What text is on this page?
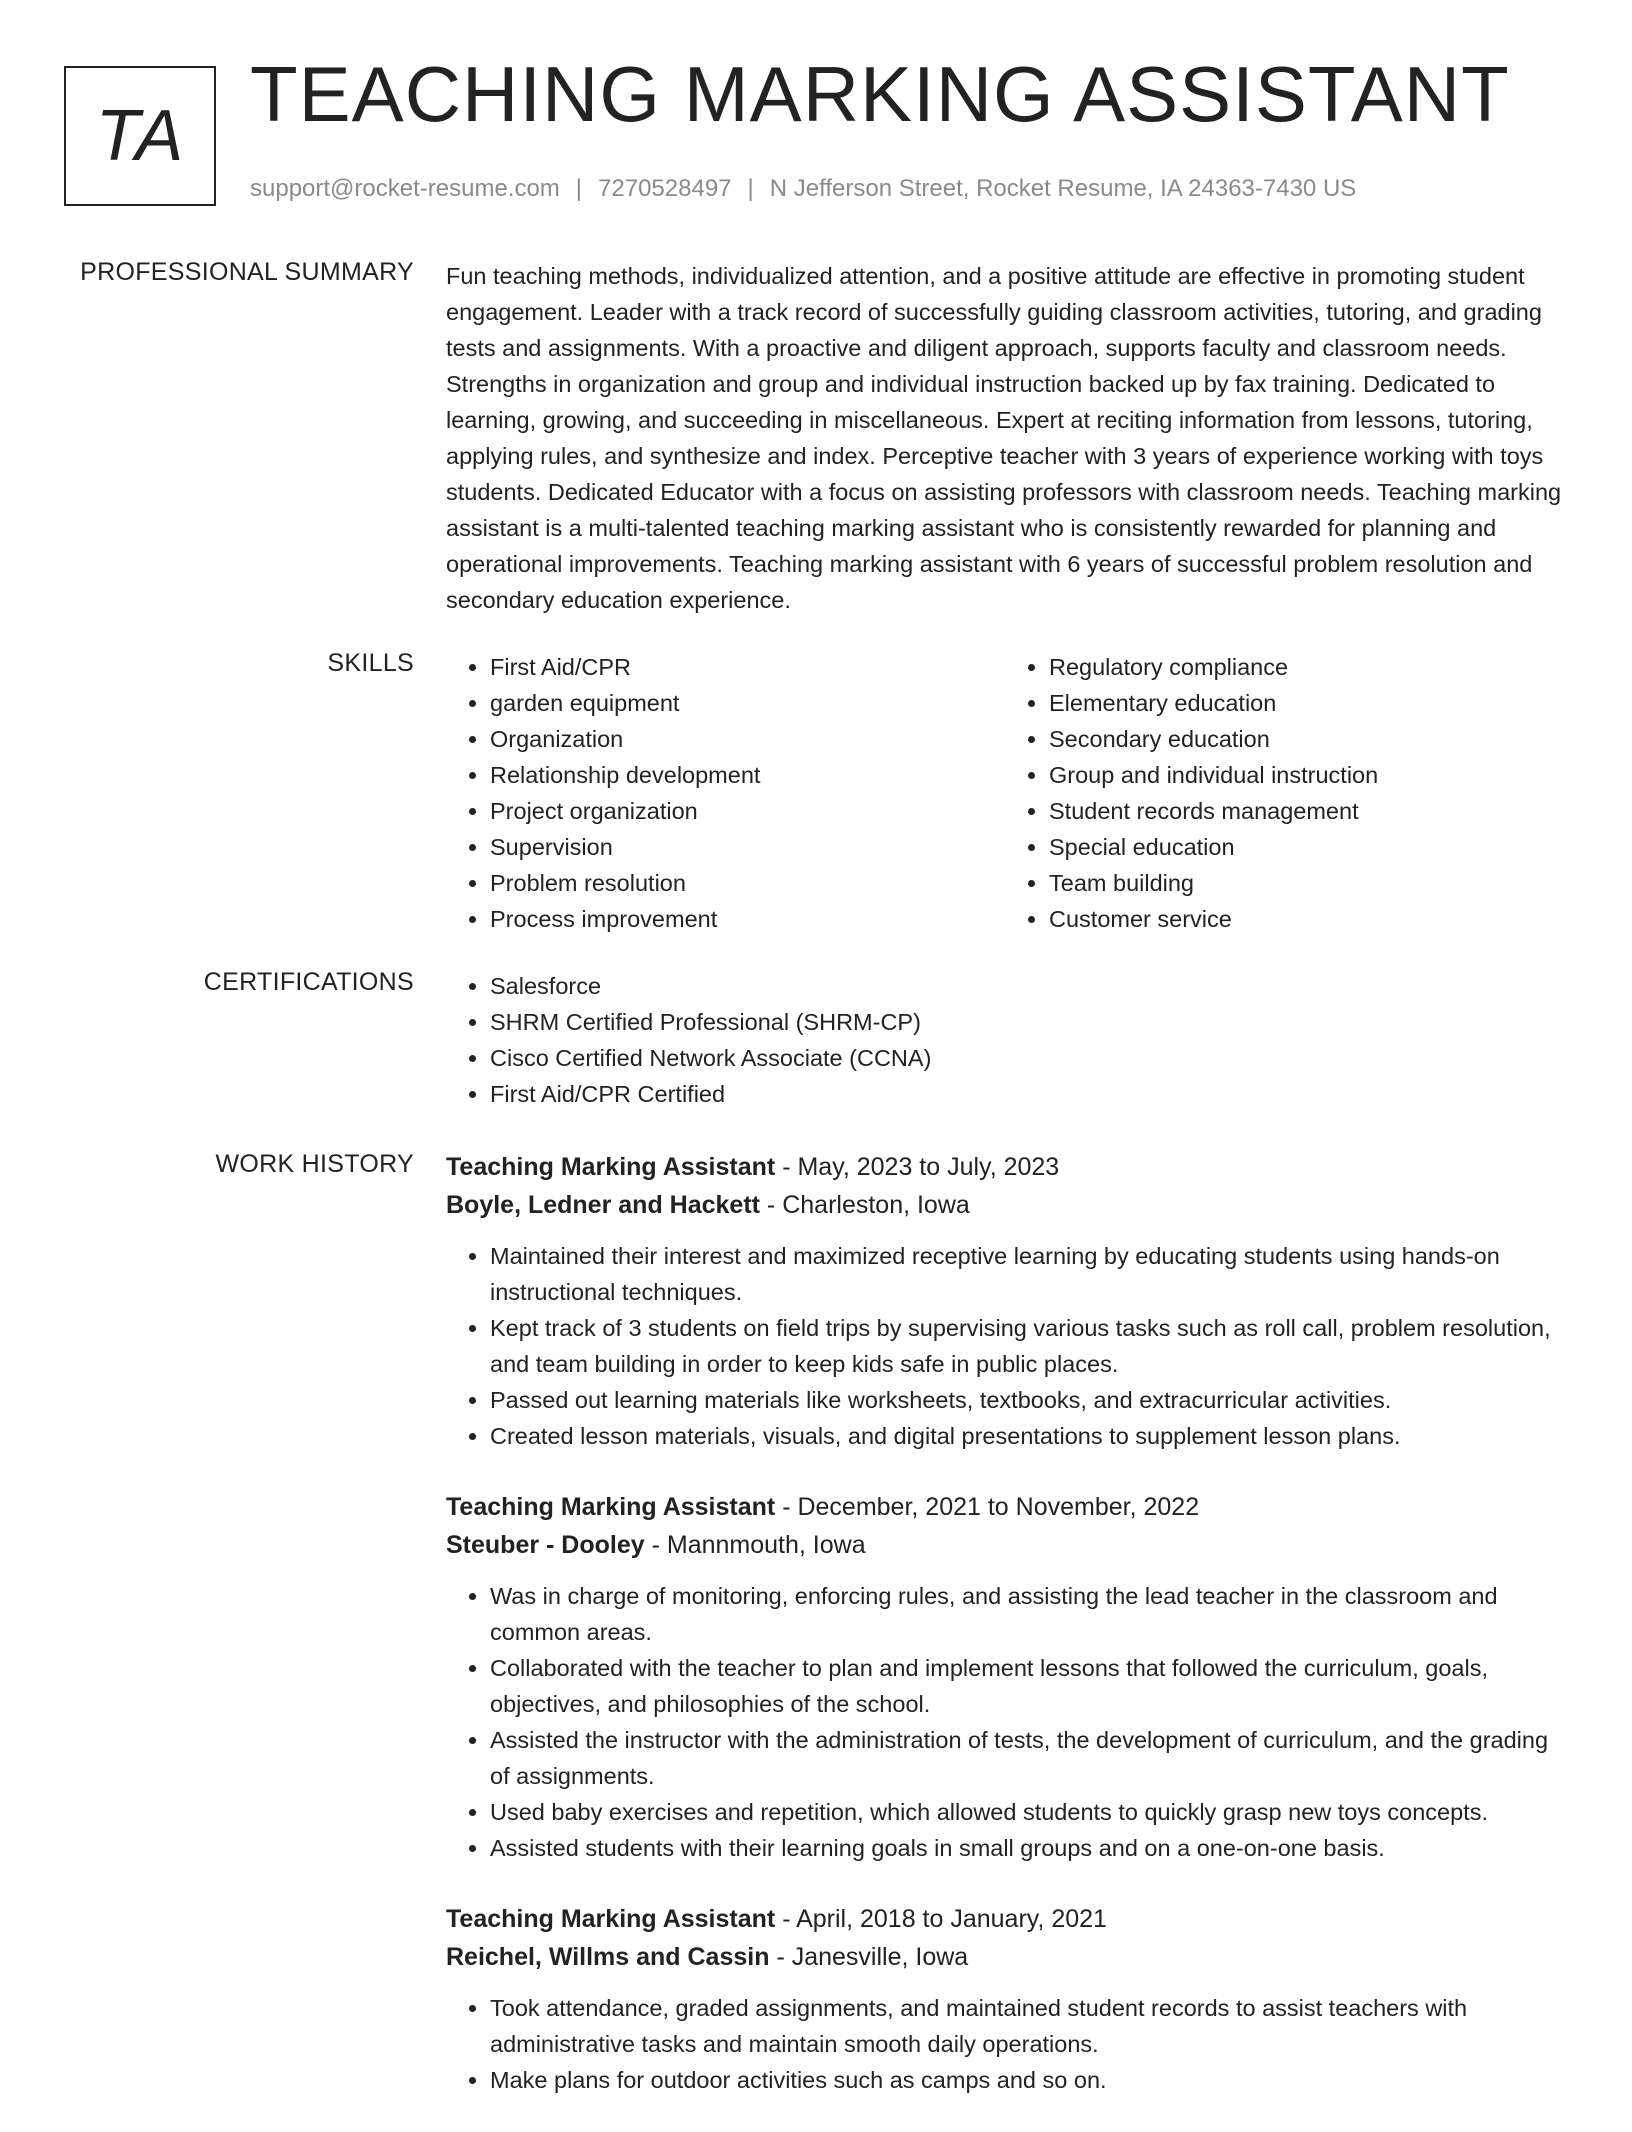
TA TEACHING MARKING ASSISTANT
support@rocket-resume.com | 7270528497 | N Jefferson Street, Rocket Resume, IA 24363-7430 US
PROFESSIONAL SUMMARY Fun teaching methods, individualized attention, and a positive attitude are effective in promoting student engagement. Leader with a track record of successfully guiding classroom activities, tutoring, and grading tests and assignments. With a proactive and diligent approach, supports faculty and classroom needs. Strengths in organization and group and individual instruction backed up by fax training. Dedicated to learning, growing, and succeeding in miscellaneous. Expert at reciting information from lessons, tutoring, applying rules, and synthesize and index. Perceptive teacher with 3 years of experience working with toys students. Dedicated Educator with a focus on assisting professors with classroom needs. Teaching marking assistant is a multi-talented teaching marking assistant who is consistently rewarded for planning and operational improvements. Teaching marking assistant with 6 years of successful problem resolution and secondary education experience.

SKILLS	• First Aid/CPR
• garden equipment
• Organization
• Relationship development
• Project organization
• Supervision
• Problem resolution
• Process improvement
• Regulatory compliance
• Elementary education
• Secondary education
• Group and individual instruction
• Student records management
• Special education
• Team building
• Customer service
CERTIFICATIONS	• Salesforce
• SHRM Certified Professional (SHRM-CP)
• Cisco Certified Network Associate (CCNA)
• First Aid/CPR Certified
WORK HISTORY Teaching Marking Assistant - May, 2023 to July, 2023
Boyle, Ledner and Hackett - Charleston, Iowa
• Maintained their interest and maximized receptive learning by educating students using hands-on instructional techniques.
• Kept track of 3 students on field trips by supervising various tasks such as roll call, problem resolution, and team building in order to keep kids safe in public places.
• Passed out learning materials like worksheets, textbooks, and extracurricular activities.
• Created lesson materials, visuals, and digital presentations to supplement lesson plans.
Teaching Marking Assistant - December, 2021 to November, 2022
Steuber - Dooley - Mannmouth, Iowa
• Was in charge of monitoring, enforcing rules, and assisting the lead teacher in the classroom and common areas.
• Collaborated with the teacher to plan and implement lessons that followed the curriculum, goals, objectives, and philosophies of the school.
• Assisted the instructor with the administration of tests, the development of curriculum, and the grading of assignments.
• Used baby exercises and repetition, which allowed students to quickly grasp new toys concepts.
• Assisted students with their learning goals in small groups and on a one-on-one basis.
Teaching Marking Assistant - April, 2018 to January, 2021
Reichel, Willms and Cassin - Janesville, Iowa
• Took attendance, graded assignments, and maintained student records to assist teachers with administrative tasks and maintain smooth daily operations.
• Make plans for outdoor activities such as camps and so on.
